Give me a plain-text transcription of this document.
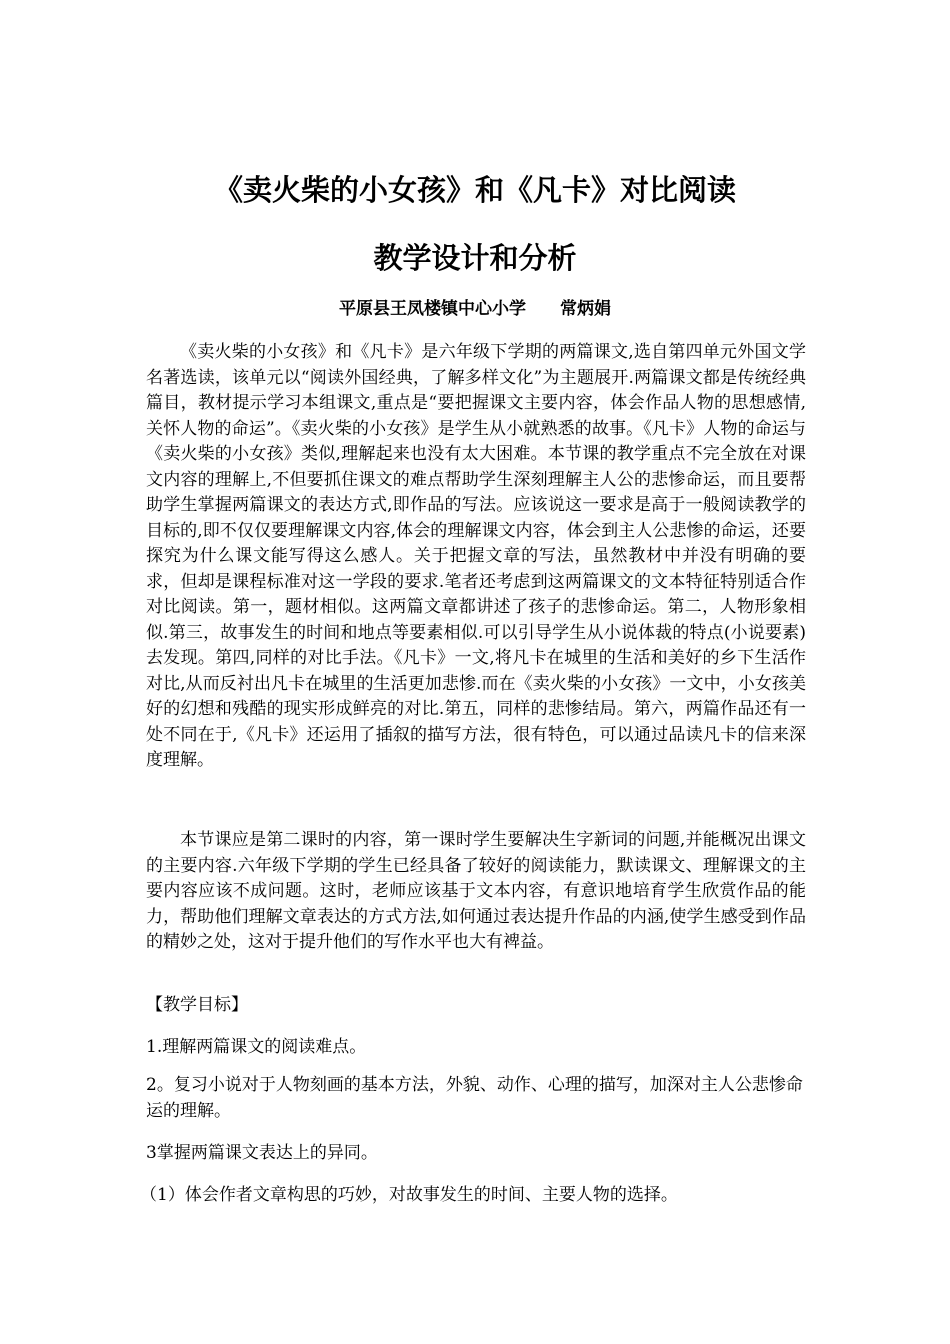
《卖火柴的小女孩》和《凡卡》对比阅读
教学设计和分析
平原县王凤楼镇中心小学　　常炳娟

《卖火柴的小女孩》和《凡卡》是六年级下学期的两篇课文,选自第四单元外国文学名著选读，该单元以“阅读外国经典，了解多样文化”为主题展开.两篇课文都是传统经典篇目，教材提示学习本组课文,重点是“要把握课文主要内容，体会作品人物的思想感情,关怀人物的命运”。《卖火柴的小女孩》是学生从小就熟悉的故事。《凡卡》人物的命运与《卖火柴的小女孩》类似,理解起来也没有太大困难。本节课的教学重点不完全放在对课文内容的理解上,不但要抓住课文的难点帮助学生深刻理解主人公的悲惨命运，而且要帮助学生掌握两篇课文的表达方式,即作品的写法。应该说这一要求是高于一般阅读教学的目标的,即不仅仅要理解课文内容,体会的理解课文内容，体会到主人公悲惨的命运，还要探究为什么课文能写得这么感人。关于把握文章的写法，虽然教材中并没有明确的要求，但却是课程标准对这一学段的要求.笔者还考虑到这两篇课文的文本特征特别适合作对比阅读。第一，题材相似。这两篇文章都讲述了孩子的悲惨命运。第二，人物形象相似.第三，故事发生的时间和地点等要素相似.可以引导学生从小说体裁的特点(小说要素)去发现。第四,同样的对比手法。《凡卡》一文,将凡卡在城里的生活和美好的乡下生活作对比,从而反衬出凡卡在城里的生活更加悲惨.而在《卖火柴的小女孩》一文中，小女孩美好的幻想和残酷的现实形成鲜亮的对比.第五，同样的悲惨结局。第六，两篇作品还有一处不同在于,《凡卡》还运用了插叙的描写方法，很有特色，可以通过品读凡卡的信来深度理解。

本节课应是第二课时的内容，第一课时学生要解决生字新词的问题,并能概况出课文的主要内容.六年级下学期的学生已经具备了较好的阅读能力，默读课文、理解课文的主要内容应该不成问题。这时，老师应该基于文本内容，有意识地培育学生欣赏作品的能力，帮助他们理解文章表达的方式方法,如何通过表达提升作品的内涵,使学生感受到作品的精妙之处，这对于提升他们的写作水平也大有裨益。

【教学目标】

1.理解两篇课文的阅读难点。

2。复习小说对于人物刻画的基本方法，外貌、动作、心理的描写，加深对主人公悲惨命运的理解。

3掌握两篇课文表达上的异同。

（1）体会作者文章构思的巧妙，对故事发生的时间、主要人物的选择。
